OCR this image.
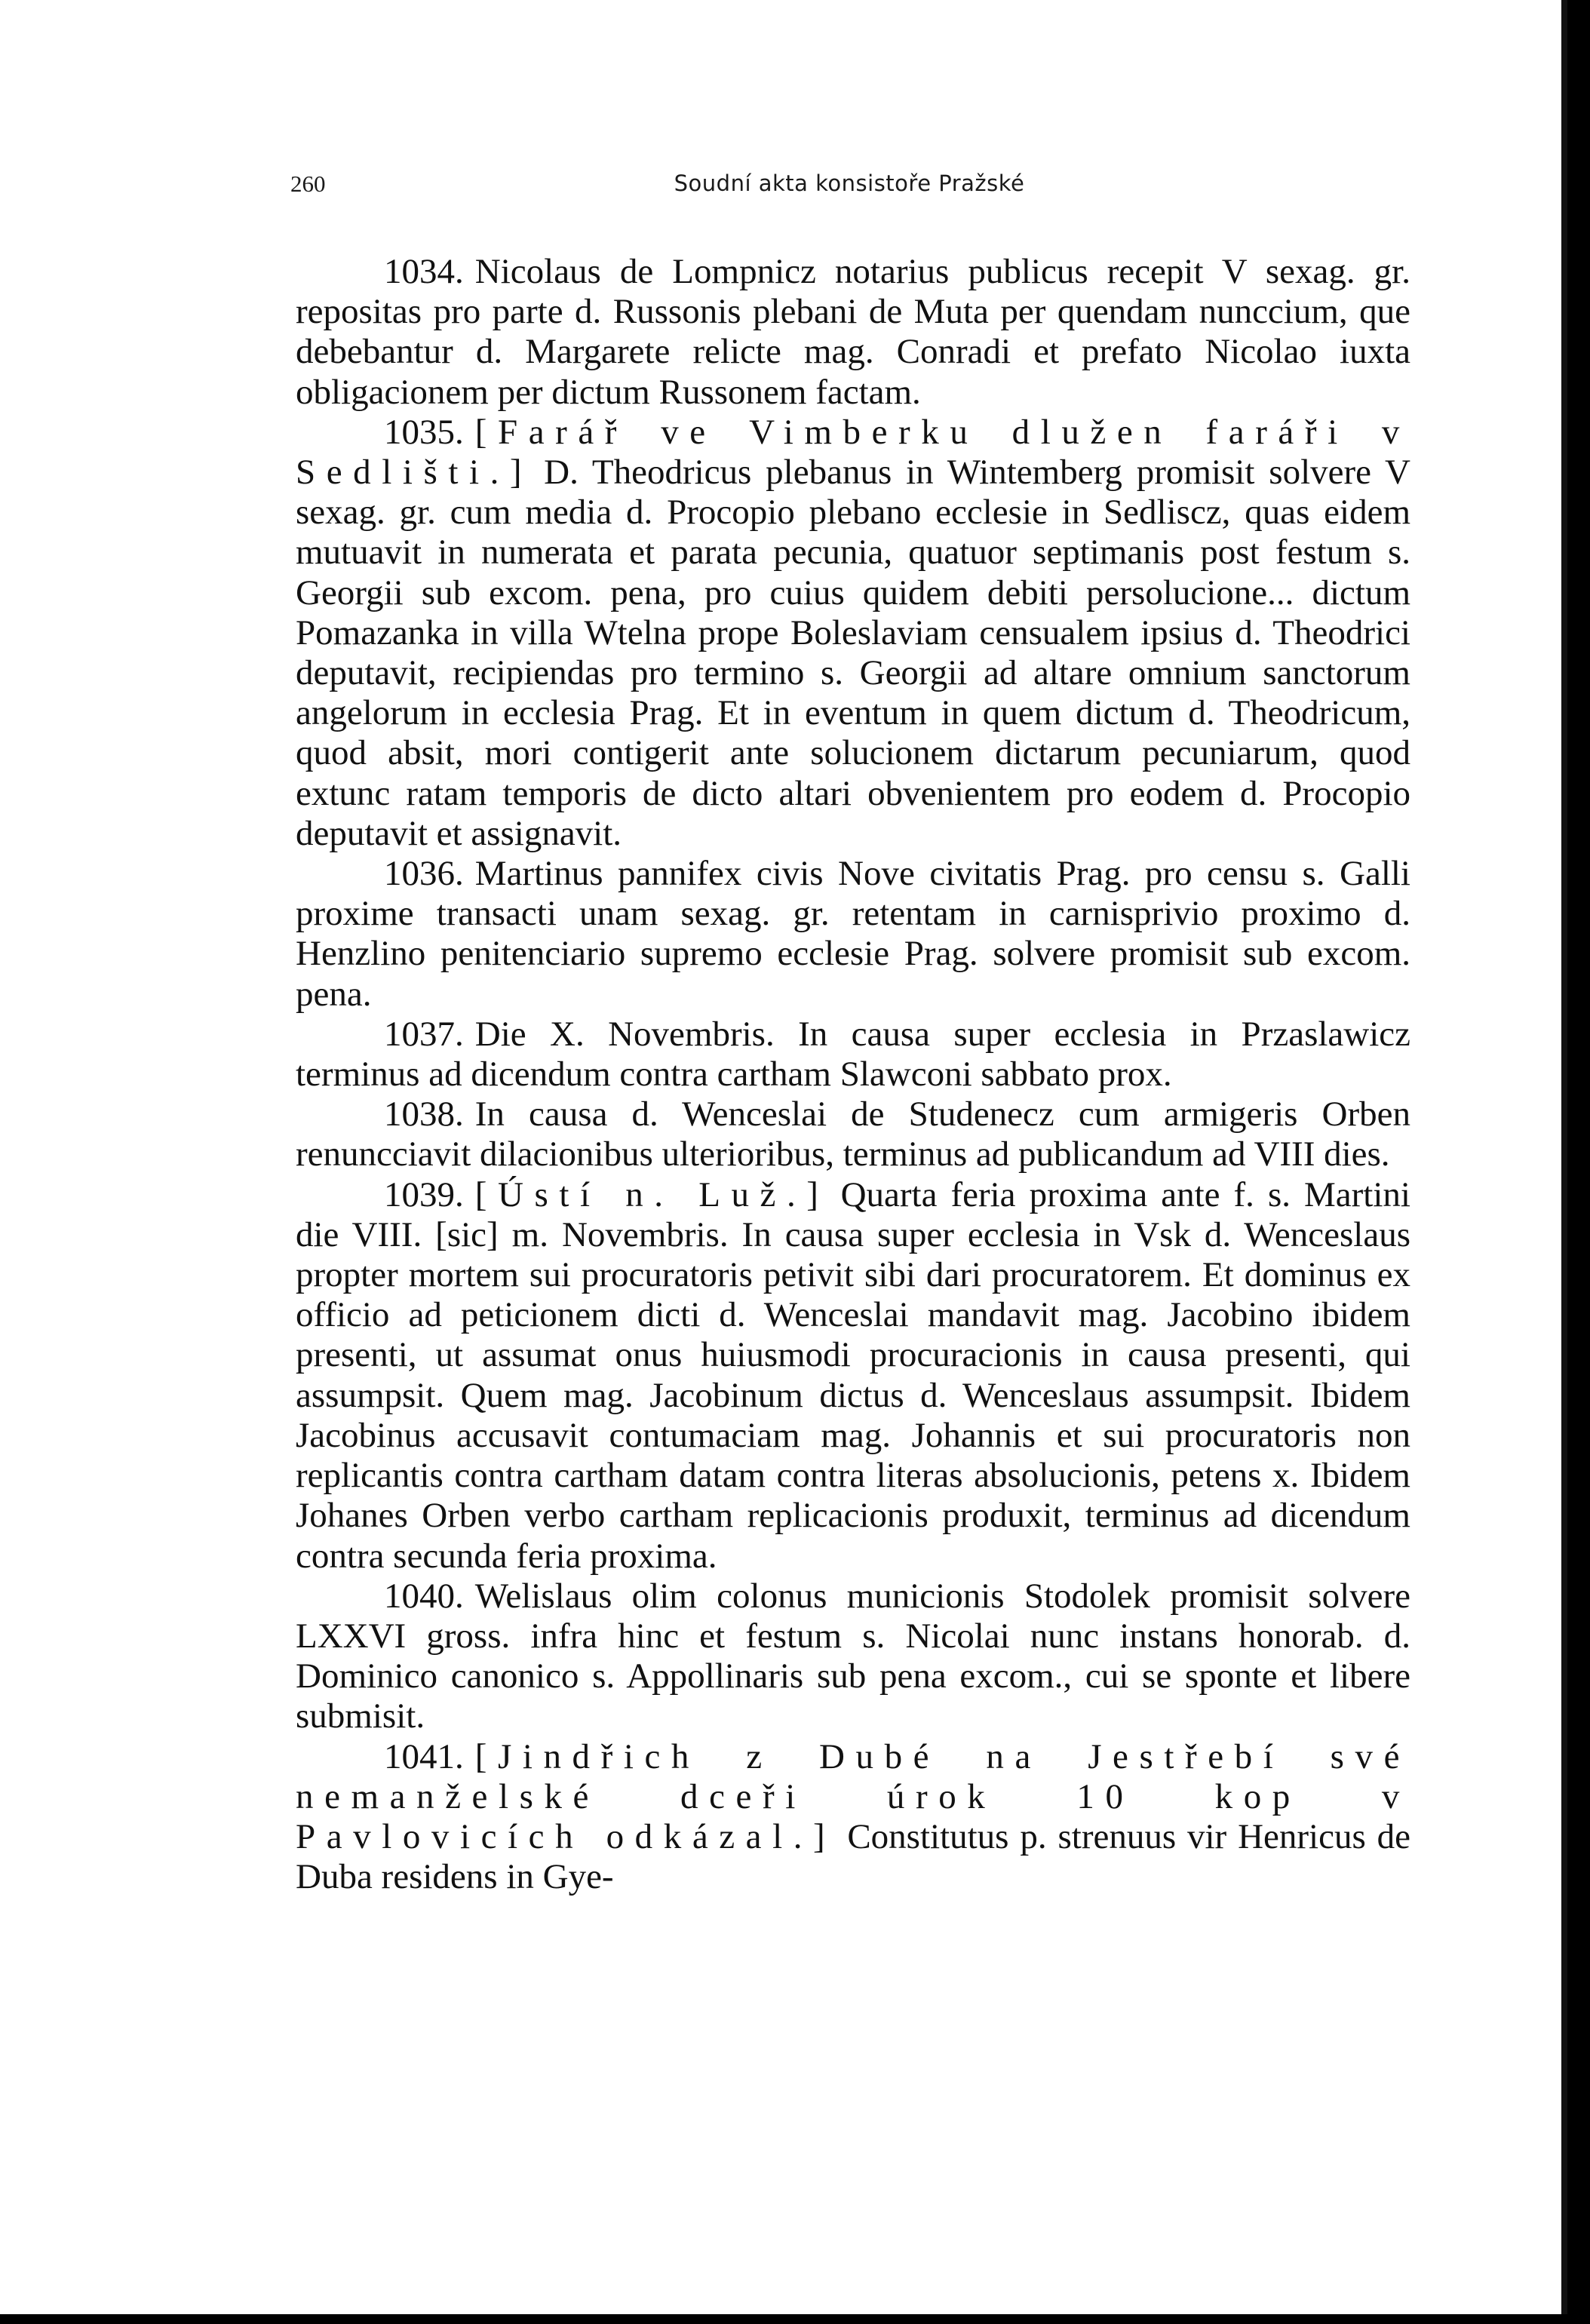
260	Soudní akta konsistoře Pražské

1034. Nicolaus de Lompnicz notarius publicus recepit V sexag. gr. repositas pro parte d. Russonis plebani de Muta per quendam nunccium, que debebantur d. Margarete relicte mag. Conradi et prefato Nicolao iuxta obligacionem per dictum Russonem factam.

1035. [Farář ve Vimberku dlužen faráři v Sedlišti.] D. Theodricus plebanus in Wintemberg promisit solvere V sexag. gr. cum media d. Procopio plebano ecclesie in Sedliscz, quas eidem mutuavit in numerata et parata pecunia, quatuor septimanis post festum s. Georgii sub excom. pena, pro cuius quidem debiti persolucione... dictum Pomazanka in villa Wtelna prope Boleslaviam censualem ipsius d. Theodrici deputavit, recipiendas pro termino s. Georgii ad altare omnium sanctorum angelorum in ecclesia Prag. Et in eventum in quem dictum d. Theodricum, quod absit, mori contigerit ante solucionem dictarum pecuniarum, quod extunc ratam temporis de dicto altari obvenientem pro eodem d. Procopio deputavit et assignavit.

1036. Martinus pannifex civis Nove civitatis Prag. pro censu s. Galli proxime transacti unam sexag. gr. retentam in carnisprivio proximo d. Henzlino penitenciario supremo ecclesie Prag. solvere promisit sub excom. pena.

1037. Die X. Novembris. In causa super ecclesia in Przaslawicz terminus ad dicendum contra cartham Slawconi sabbato prox.

1038. In causa d. Wenceslai de Studenecz cum armigeris Orben renuncciavit dilacionibus ulterioribus, terminus ad publicandum ad VIII dies.

1039. [Ústí n. Luž.] Quarta feria proxima ante f. s. Martini die VIII. [sic] m. Novembris. In causa super ecclesia in Vsk d. Wenceslaus propter mortem sui procuratoris petivit sibi dari procuratorem. Et dominus ex officio ad peticionem dicti d. Wenceslai mandavit mag. Jacobino ibidem presenti, ut assumat onus huiusmodi procuracionis in causa presenti, qui assumpsit. Quem mag. Jacobinum dictus d. Wenceslaus assumpsit. Ibidem Jacobinus accusavit contumaciam mag. Johannis et sui procuratoris non replicantis contra cartham datam contra literas absolucionis, petens x. Ibidem Johanes Orben verbo cartham replicacionis produxit, terminus ad dicendum contra secunda feria proxima.

1040. Welislaus olim colonus municionis Stodolek promisit solvere LXXVI gross. infra hinc et festum s. Nicolai nunc instans honorab. d. Dominico canonico s. Appollinaris sub pena excom., cui se sponte et libere submisit.

1041. [Jindřich z Dubé na Jestřebí své nemanželské dceři úrok 10 kop v Pavlovicích odkázal.] Constitutus p. strenuus vir Henricus de Duba residens in Gye-
